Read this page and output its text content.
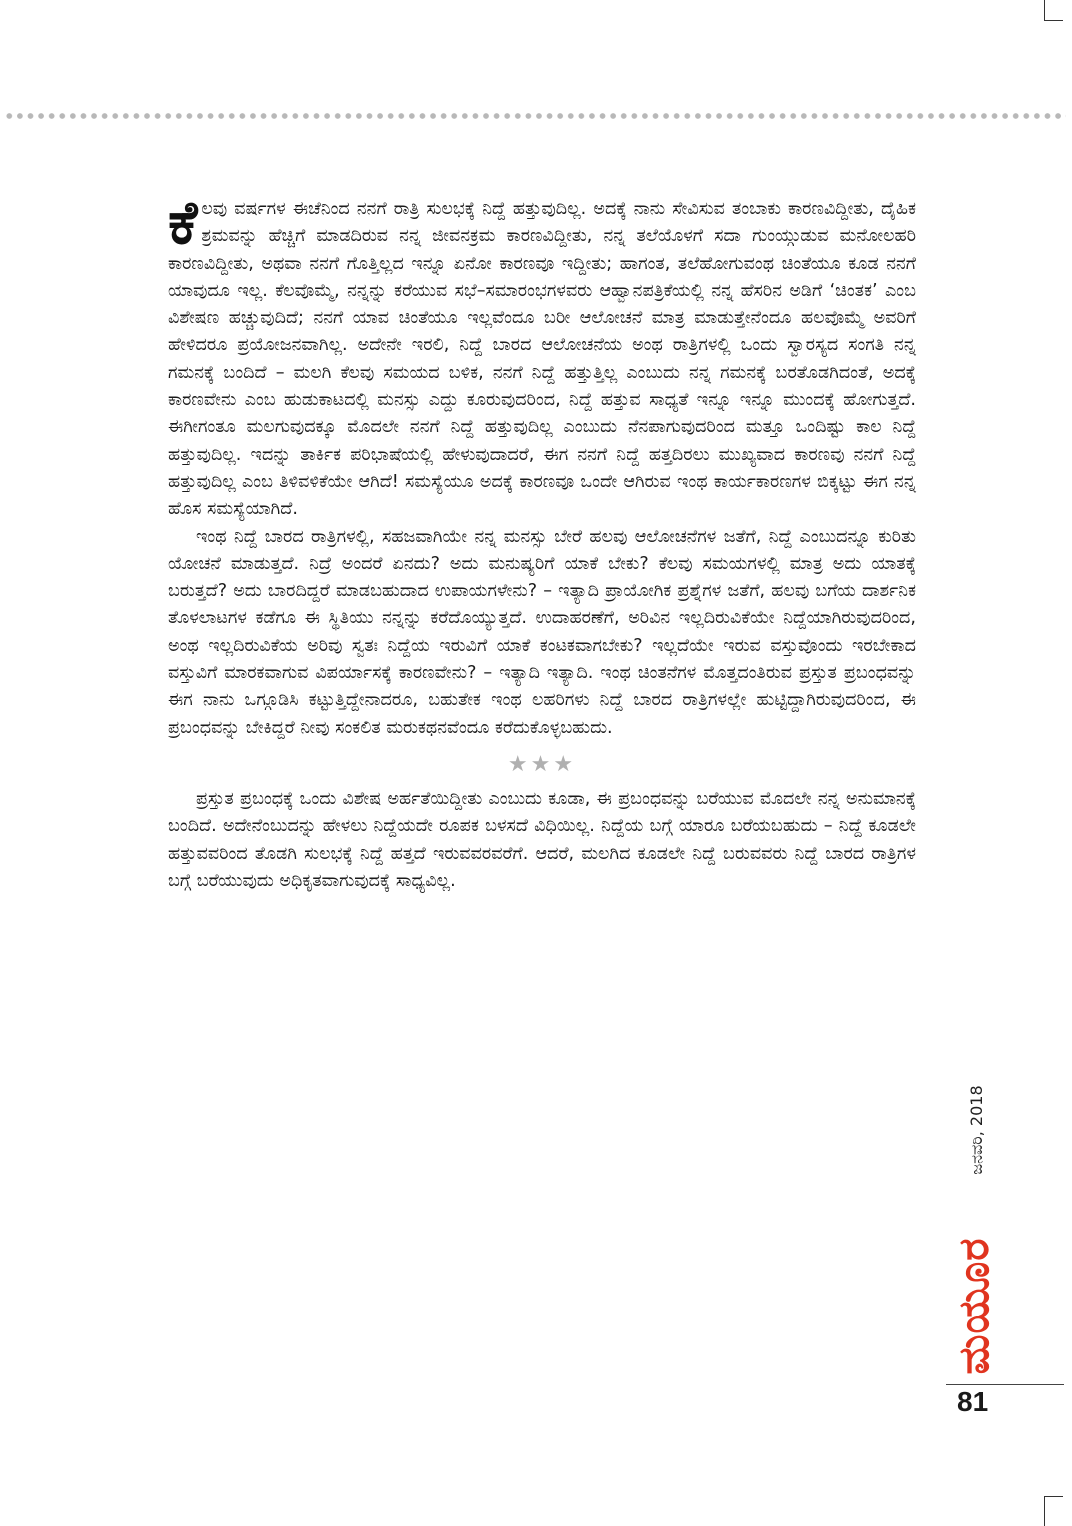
ಕೆಲವು ವರ್ಷಗಳ ಈಚೆನಿಂದ ನನಗೆ ರಾತ್ರಿ ಸುಲಭಕ್ಕೆ ನಿದ್ದೆ ಹತ್ತುವುದಿಲ್ಲ. ಅದಕ್ಕೆ ನಾನು ಸೇವಿಸುವ ತಂಬಾಕು ಕಾರಣವಿದ್ದೀತು, ದೈಹಿಕ ಶ್ರಮವನ್ನು ಹೆಚ್ಚಿಗೆ ಮಾಡದಿರುವ ನನ್ನ ಜೀವನಕ್ರಮ ಕಾರಣವಿದ್ದೀತು, ನನ್ನ ತಲೆಯೊಳಗೆ ಸದಾ ಗುಂಯ್ಗುಡುವ ಮನೋಲಹರಿ ಕಾರಣವಿದ್ದೀತು, ಅಥವಾ ನನಗೆ ಗೊತ್ತಿಲ್ಲದ ಇನ್ನೂ ಏನೋ ಕಾರಣವೂ ಇದ್ದೀತು; ಹಾಗಂತ, ತಲೆಹೋಗುವಂಥ ಚಿಂತೆಯೂ ಕೂಡ ನನಗೆ ಯಾವುದೂ ಇಲ್ಲ. ಕೆಲವೊಮ್ಮೆ, ನನ್ನನ್ನು ಕರೆಯುವ ಸಭೆ–ಸಮಾರಂಭಗಳವರು ಆಹ್ವಾನಪತ್ರಿಕೆಯಲ್ಲಿ ನನ್ನ ಹೆಸರಿನ ಅಡಿಗೆ ‘ಚಿಂತಕ’ ಎಂಬ ವಿಶೇಷಣ ಹಚ್ಚುವುದಿದೆ; ನನಗೆ ಯಾವ ಚಿಂತೆಯೂ ಇಲ್ಲವೆಂದೂ ಬರೀ ಆಲೋಚನೆ ಮಾತ್ರ ಮಾಡುತ್ತೇನೆಂದೂ ಹಲವೊಮ್ಮೆ ಅವರಿಗೆ ಹೇಳಿದರೂ ಪ್ರಯೋಜನವಾಗಿಲ್ಲ. ಅದೇನೇ ಇರಲಿ, ನಿದ್ದೆ ಬಾರದ ಆಲೋಚನೆಯ ಅಂಥ ರಾತ್ರಿಗಳಲ್ಲಿ ಒಂದು ಸ್ವಾರಸ್ಯದ ಸಂಗತಿ ನನ್ನ ಗಮನಕ್ಕೆ ಬಂದಿದೆ – ಮಲಗಿ ಕೆಲವು ಸಮಯದ ಬಳಿಕ, ನನಗೆ ನಿದ್ದೆ ಹತ್ತುತ್ತಿಲ್ಲ ಎಂಬುದು ನನ್ನ ಗಮನಕ್ಕೆ ಬರತೊಡಗಿದಂತೆ, ಅದಕ್ಕೆ ಕಾರಣವೇನು ಎಂಬ ಹುಡುಕಾಟದಲ್ಲಿ ಮನಸ್ಸು ಎದ್ದು ಕೂರುವುದರಿಂದ, ನಿದ್ದೆ ಹತ್ತುವ ಸಾಧ್ಯತೆ ಇನ್ನೂ ಇನ್ನೂ ಮುಂದಕ್ಕೆ ಹೋಗುತ್ತದೆ. ಈಗೀಗಂತೂ ಮಲಗುವುದಕ್ಕೂ ಮೊದಲೇ ನನಗೆ ನಿದ್ದೆ ಹತ್ತುವುದಿಲ್ಲ ಎಂಬುದು ನೆನಪಾಗುವುದರಿಂದ ಮತ್ತೂ ಒಂದಿಷ್ಟು ಕಾಲ ನಿದ್ದೆ ಹತ್ತುವುದಿಲ್ಲ. ಇದನ್ನು ತಾರ್ಕಿಕ ಪರಿಭಾಷೆಯಲ್ಲಿ ಹೇಳುವುದಾದರೆ, ಈಗ ನನಗೆ ನಿದ್ದೆ ಹತ್ತದಿರಲು ಮುಖ್ಯವಾದ ಕಾರಣವು ನನಗೆ ನಿದ್ದೆ ಹತ್ತುವುದಿಲ್ಲ ಎಂಬ ತಿಳಿವಳಿಕೆಯೇ ಆಗಿದೆ! ಸಮಸ್ಯೆಯೂ ಅದಕ್ಕೆ ಕಾರಣವೂ ಒಂದೇ ಆಗಿರುವ ಇಂಥ ಕಾರ್ಯಕಾರಣಗಳ ಬಿಕ್ಕಟ್ಟು ಈಗ ನನ್ನ ಹೊಸ ಸಮಸ್ಯೆಯಾಗಿದೆ.

ಇಂಥ ನಿದ್ದೆ ಬಾರದ ರಾತ್ರಿಗಳಲ್ಲಿ, ಸಹಜವಾಗಿಯೇ ನನ್ನ ಮನಸ್ಸು ಬೇರೆ ಹಲವು ಆಲೋಚನೆಗಳ ಜತೆಗೆ, ನಿದ್ದೆ ಎಂಬುದನ್ನೂ ಕುರಿತು ಯೋಚನೆ ಮಾಡುತ್ತದೆ. ನಿದ್ರೆ ಅಂದರೆ ಏನದು? ಅದು ಮನುಷ್ಯರಿಗೆ ಯಾಕೆ ಬೇಕು? ಕೆಲವು ಸಮಯಗಳಲ್ಲಿ ಮಾತ್ರ ಅದು ಯಾತಕ್ಕೆ ಬರುತ್ತದೆ? ಅದು ಬಾರದಿದ್ದರೆ ಮಾಡಬಹುದಾದ ಉಪಾಯಗಳೇನು? – ಇತ್ಯಾದಿ ಪ್ರಾಯೋಗಿಕ ಪ್ರಶ್ನೆಗಳ ಜತೆಗೆ, ಹಲವು ಬಗೆಯ ದಾರ್ಶನಿಕ ತೊಳಲಾಟಗಳ ಕಡೆಗೂ ಈ ಸ್ಥಿತಿಯು ನನ್ನನ್ನು ಕರೆದೊಯ್ಯುತ್ತದೆ. ಉದಾಹರಣೆಗೆ, ಅರಿವಿನ ಇಲ್ಲದಿರುವಿಕೆಯೇ ನಿದ್ದೆಯಾಗಿರುವುದರಿಂದ, ಅಂಥ ಇಲ್ಲದಿರುವಿಕೆಯ ಅರಿವು ಸ್ವತಃ ನಿದ್ದೆಯ ಇರುವಿಗೆ ಯಾಕೆ ಕಂಟಕವಾಗಬೇಕು? ಇಲ್ಲದೆಯೇ ಇರುವ ವಸ್ತುವೊಂದು ಇರಬೇಕಾದ ವಸ್ತುವಿಗೆ ಮಾರಕವಾಗುವ ವಿಪರ್ಯಾಸಕ್ಕೆ ಕಾರಣವೇನು? – ಇತ್ಯಾದಿ ಇತ್ಯಾದಿ. ಇಂಥ ಚಿಂತನೆಗಳ ಮೊತ್ತದಂತಿರುವ ಪ್ರಸ್ತುತ ಪ್ರಬಂಧವನ್ನು ಈಗ ನಾನು ಒಗ್ಗೂಡಿಸಿ ಕಟ್ಟುತ್ತಿದ್ದೇನಾದರೂ, ಬಹುತೇಕ ಇಂಥ ಲಹರಿಗಳು ನಿದ್ದೆ ಬಾರದ ರಾತ್ರಿಗಳಲ್ಲೇ ಹುಟ್ಟಿದ್ದಾಗಿರುವುದರಿಂದ, ಈ ಪ್ರಬಂಧವನ್ನು ಬೇಕಿದ್ದರೆ ನೀವು ಸಂಕಲಿತ ಮರುಕಥನವೆಂದೂ ಕರೆದುಕೊಳ್ಳಬಹುದು.

★★★

ಪ್ರಸ್ತುತ ಪ್ರಬಂಧಕ್ಕೆ ಒಂದು ವಿಶೇಷ ಅರ್ಹತೆಯಿದ್ದೀತು ಎಂಬುದು ಕೂಡಾ, ಈ ಪ್ರಬಂಧವನ್ನು ಬರೆಯುವ ಮೊದಲೇ ನನ್ನ ಅನುಮಾನಕ್ಕೆ ಬಂದಿದೆ. ಅದೇನೆಂಬುದನ್ನು ಹೇಳಲು ನಿದ್ದೆಯದೇ ರೂಪಕ ಬಳಸದೆ ವಿಧಿಯಿಲ್ಲ. ನಿದ್ದೆಯ ಬಗ್ಗೆ ಯಾರೂ ಬರೆಯಬಹುದು – ನಿದ್ದೆ ಕೂಡಲೇ ಹತ್ತುವವರಿಂದ ತೊಡಗಿ ಸುಲಭಕ್ಕೆ ನಿದ್ದೆ ಹತ್ತದೆ ಇರುವವರವರೆಗೆ. ಆದರೆ, ಮಲಗಿದ ಕೂಡಲೇ ನಿದ್ದೆ ಬರುವವರು ನಿದ್ದೆ ಬಾರದ ರಾತ್ರಿಗಳ ಬಗ್ಗೆ ಬರೆಯುವುದು ಅಧಿಕೃತವಾಗುವುದಕ್ಕೆ ಸಾಧ್ಯವಿಲ್ಲ.

ಜನವರಿ, 2018
ಮಯೂರ
81
